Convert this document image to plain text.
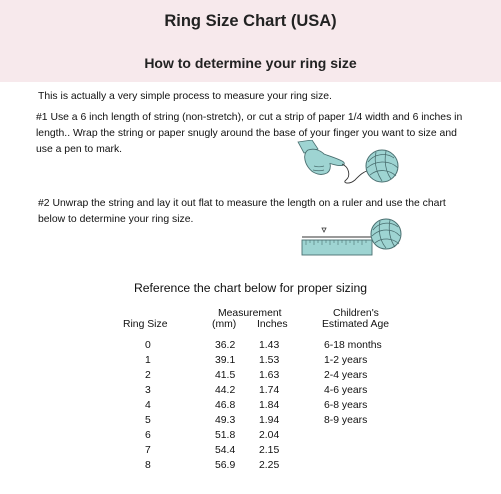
Ring Size Chart (USA)
How to determine your ring size
This is actually a very simple process to measure your ring size.
#1 Use a 6 inch length of string (non-stretch), or cut a strip of paper 1/4 width and 6 inches in length.. Wrap the string or paper snugly around the base of your finger you want to size and use a pen to mark.
#2 Unwrap the string and lay it out flat to measure the length on a ruler and use the chart below to determine your ring size.
Reference the chart below for proper sizing
Measurement	Children's
Ring Size	(mm) Inches	Estimated Age
0	36.2 1.43	6-18 months
1	39.1 1.53	1-2 years
2	41.5 1.63	2-4 years
3	44.2 1.74	4-6 years
4	46.8 1.84	6-8 years
5	49.3 1.94	8-9 years
6	51.8 2.04
7	54.4 2.15
8	56.9 2.25
